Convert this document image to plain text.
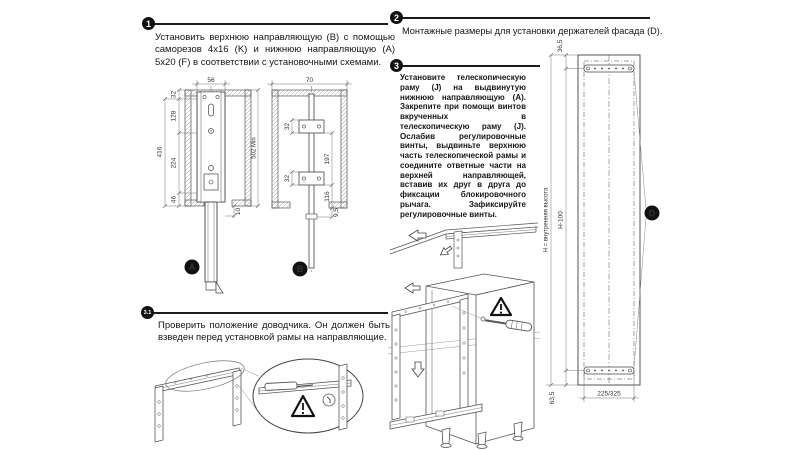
1
Установить верхнюю направляющую (B) с помощью саморезов 4x16 (K) и нижнюю направляющую (A) 5x20 (F) в соответствии с установочными схемами.
2
Монтажные размеры для установки держателей фасада (D).
3
Установите телескопическую раму (J) на выдвинутую нижнюю направляющую (A). Закрепите при помощи винтов вкрученных в телескопическую раму (J). Ослабив регулировочные винты, выдвиньте верхнюю часть телескопической рамы и соедините ответные части на верхней направляющей, вставив их друг в друга до фиксации блокировочного рычага. Зафиксируйте регулировочные винты.
3.1
Проверить положение доводчика. Он должен быть взведен перед установкой рамы на направляющие.
32
128
416
224
46
56
502 Min
10
A
70
32
32
197
116
9,5
B
36,5
H-100
H = внутренняя высота
63,5	225/325
D
